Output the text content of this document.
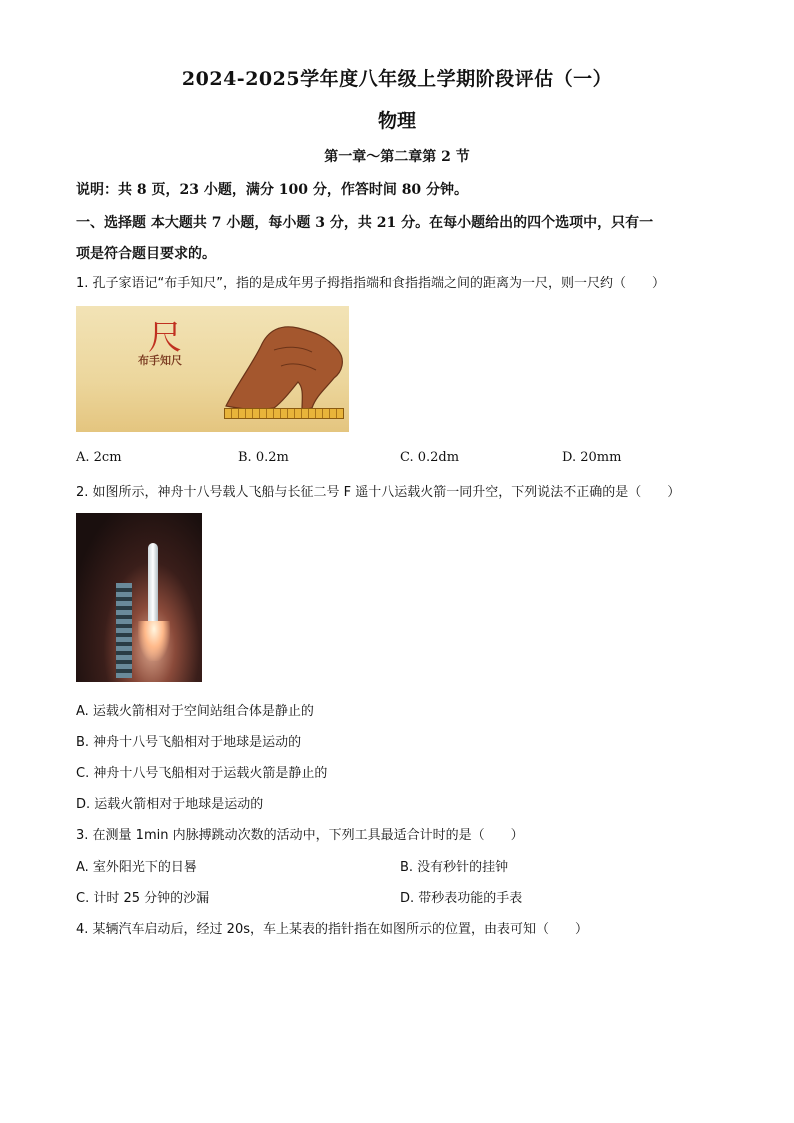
2024-2025学年度八年级上学期阶段评估（一）
物理
第一章～第二章第 2 节
说明：共 8 页，23 小题，满分 100 分，作答时间 80 分钟。
一、选择题 本大题共 7 小题，每小题 3 分，共 21 分。在每小题给出的四个选项中，只有一
项是符合题目要求的。
1. 孔子家语记“布手知尺”，指的是成年男子拇指指端和食指指端之间的距离为一尺，则一尺约（　　）
尺
布手知尺
A. 2cm	B. 0.2m	C. 0.2dm	D. 20mm
2. 如图所示，神舟十八号载人飞船与长征二号 F 遥十八运载火箭一同升空，下列说法不正确的是（　　）
A. 运载火箭相对于空间站组合体是静止的
B. 神舟十八号飞船相对于地球是运动的
C. 神舟十八号飞船相对于运载火箭是静止的
D. 运载火箭相对于地球是运动的
3. 在测量 1min 内脉搏跳动次数的活动中，下列工具最适合计时的是（　　）
A. 室外阳光下的日晷	B. 没有秒针的挂钟
C. 计时 25 分钟的沙漏	D. 带秒表功能的手表
4. 某辆汽车启动后，经过 20s，车上某表的指针指在如图所示的位置，由表可知（　　）
